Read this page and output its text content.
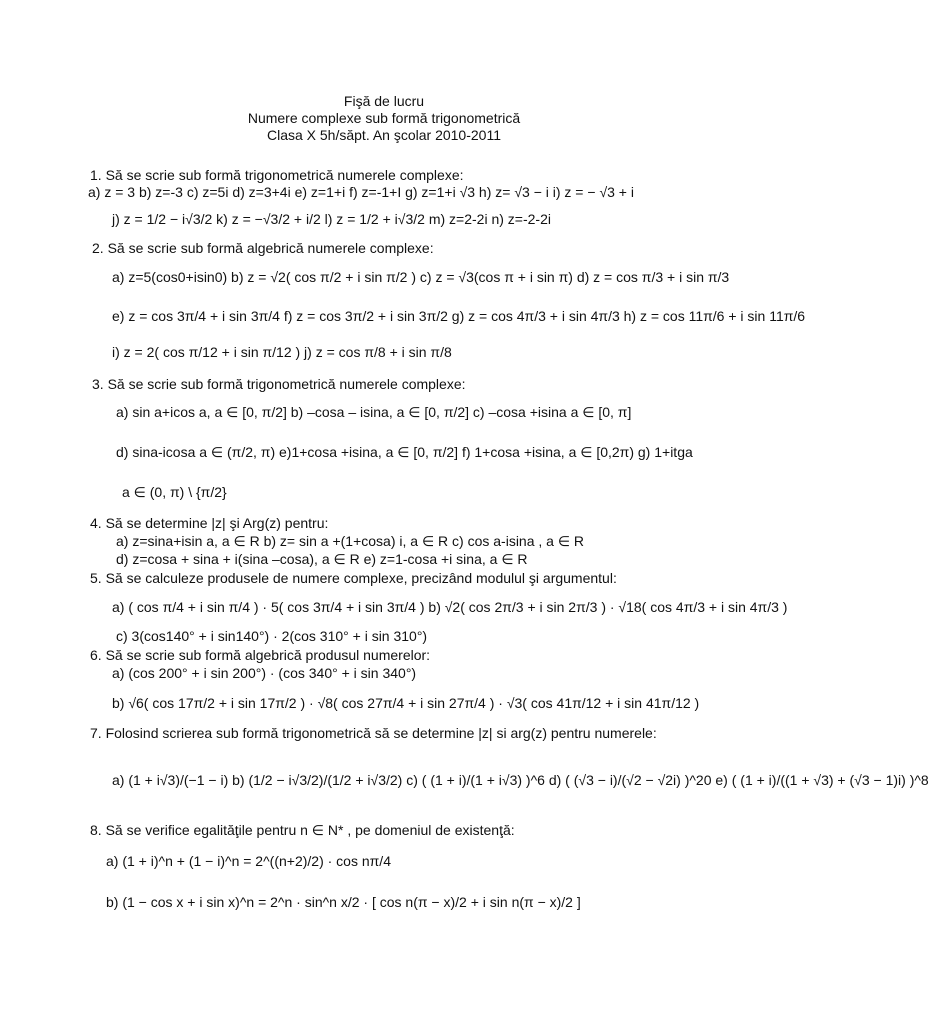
Fişă de lucru
Numere complexe sub formă trigonometrică
Clasa X 5h/săpt. An şcolar 2010-2011
1. Să se scrie sub formă trigonometrică numerele complexe:
a) z = 3 b) z=-3 c) z=5i d) z=3+4i e) z=1+i f) z=-1+I g) z=1+i √3 h) z= √3 − i i) z = − √3 + i
j) z = 1/2 − i√3/2 k) z = −√3/2 + i/2 l) z = 1/2 + i√3/2 m) z=2-2i n) z=-2-2i
2. Să se scrie sub formă algebrică numerele complexe:
a) z=5(cos0+isin0) b) z = √2( cos π/2 + i sin π/2 ) c) z = √3(cos π + i sin π) d) z = cos π/3 + i sin π/3
e) z = cos 3π/4 + i sin 3π/4 f) z = cos 3π/2 + i sin 3π/2 g) z = cos 4π/3 + i sin 4π/3 h) z = cos 11π/6 + i sin 11π/6
i) z = 2( cos π/12 + i sin π/12 ) j) z = cos π/8 + i sin π/8
3. Să se scrie sub formă trigonometrică numerele complexe:
a) sin a+icos a, a ∈ [0, π/2] b) –cosa – isina, a ∈ [0, π/2] c) –cosa +isina a ∈ [0, π]
d) sina-icosa a ∈ (π/2, π) e)1+cosa +isina, a ∈ [0, π/2] f) 1+cosa +isina, a ∈ [0,2π) g) 1+itga
a ∈ (0, π) \ {π/2}
4. Să se determine |z| şi Arg(z) pentru:
a) z=sina+isin a, a ∈ R b) z= sin a +(1+cosa) i, a ∈ R c) cos a-isina , a ∈ R
d) z=cosa + sina + i(sina –cosa), a ∈ R e) z=1-cosa +i sina, a ∈ R
5. Să se calculeze produsele de numere complexe, precizând modulul şi argumentul:
a) ( cos π/4 + i sin π/4 ) · 5( cos 3π/4 + i sin 3π/4 ) b) √2( cos 2π/3 + i sin 2π/3 ) · √18( cos 4π/3 + i sin 4π/3 )
c) 3(cos140° + i sin140°) · 2(cos 310° + i sin 310°)
6. Să se scrie sub formă algebrică produsul numerelor:
a) (cos 200° + i sin 200°) · (cos 340° + i sin 340°)
b) √6( cos 17π/2 + i sin 17π/2 ) · √8( cos 27π/4 + i sin 27π/4 ) · √3( cos 41π/12 + i sin 41π/12 )
7. Folosind scrierea sub formă trigonometrică să se determine |z| si arg(z) pentru numerele:
a) (1 + i√3)/(−1 − i) b) (1/2 − i√3/2)/(1/2 + i√3/2) c) ( (1 + i)/(1 + i√3) )^6 d) ( (√3 − i)/(√2 − √2i) )^20 e) ( (1 + i)/((1 + √3) + (√3 − 1)i) )^8
8. Să se verifice egalităţile pentru n ∈ N* , pe domeniul de existenţă:
a) (1 + i)^n + (1 − i)^n = 2^((n+2)/2) · cos nπ/4
b) (1 − cos x + i sin x)^n = 2^n · sin^n x/2 · [ cos n(π − x)/2 + i sin n(π − x)/2 ]
